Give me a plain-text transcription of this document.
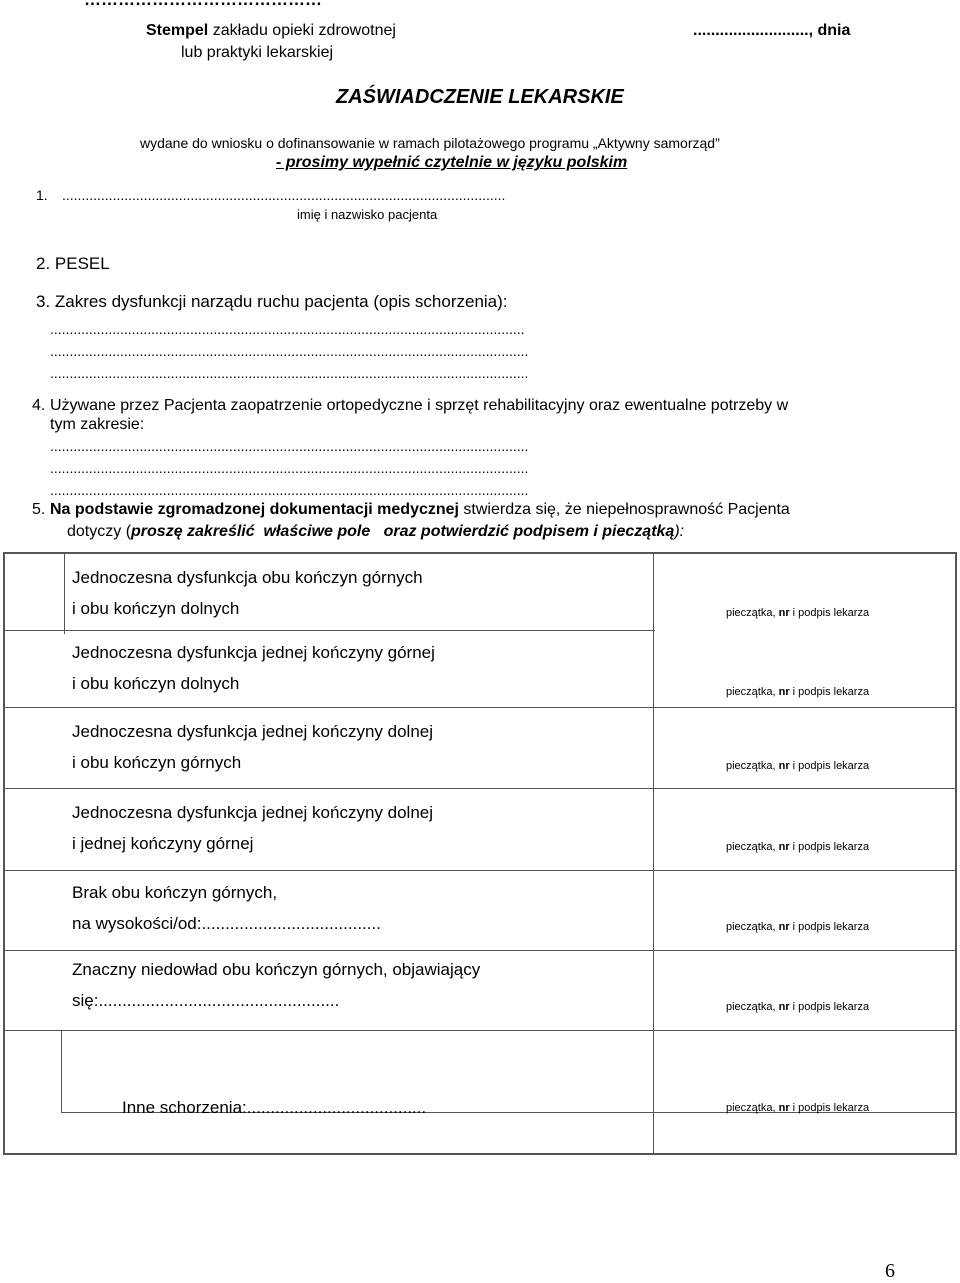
Stempel zakładu opieki zdrowotnej
lub praktyki lekarskiej
.........................., dnia
ZAŚWIADCZENIE LEKARSKIE
wydane do wniosku o dofinansowanie w ramach pilotażowego programu „Aktywny samorząd”
- prosimy wypełnić czytelnie w języku polskim
1. ..................................................................................................................
imię i nazwisko pacjenta
2. PESEL
3. Zakres dysfunkcji narządu ruchu pacjenta (opis schorzenia):
..........................................................................................................................
...........................................................................................................................
...........................................................................................................................
4. Używane przez Pacjenta zaopatrzenie ortopedyczne i sprzęt rehabilitacyjny oraz ewentualne potrzeby w
tym zakresie:
...........................................................................................................................
...........................................................................................................................
...........................................................................................................................
5. Na podstawie zgromadzonej dokumentacji medycznej stwierdza się, że niepełnosprawność Pacjenta
dotyczy (proszę zakreślić  właściwe pole   oraz potwierdzić podpisem i pieczątką):
Jednoczesna dysfunkcja obu kończyn górnych
i obu kończyn dolnych	pieczątka, nr i podpis lekarza
Jednoczesna dysfunkcja jednej kończyny górnej
i obu kończyn dolnych	pieczątka, nr i podpis lekarza
Jednoczesna dysfunkcja jednej kończyny dolnej
i obu kończyn górnych	pieczątka, nr i podpis lekarza
Jednoczesna dysfunkcja jednej kończyny dolnej
i jednej kończyny górnej	pieczątka, nr i podpis lekarza
Brak obu kończyn górnych,
na wysokości/od:......................................	pieczątka, nr i podpis lekarza
Znaczny niedowład obu kończyn górnych, objawiający
się:...................................................	pieczątka, nr i podpis lekarza
Inne schorzenia:......................................	pieczątka, nr i podpis lekarza
6
